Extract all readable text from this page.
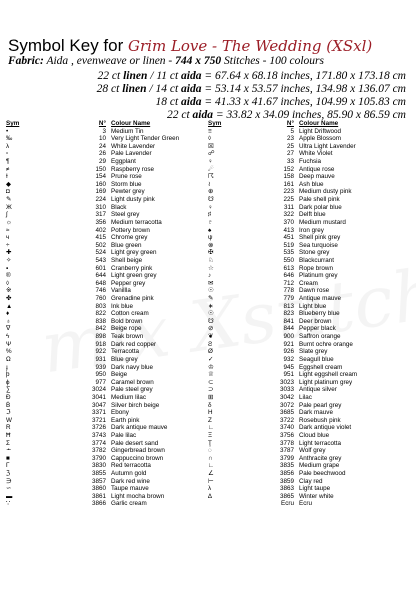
Symbol Key for Grim Love - The Wedding (XSxl)
Fabric: Aida , evenweave or linen - 744 x 750 Stitches - 100 colours
22 ct linen / 11 ct aida = 67.64 x 68.18 inches, 171.80 x 173.18 cm
28 ct linen / 14 ct aida = 53.14 x 53.57 inches, 134.98 x 136.07 cm
18 ct aida = 41.33 x 41.67 inches, 104.99 x 105.83 cm
22 ct aida = 33.82 x 34.09 inches, 85.90 x 86.59 cm
Sym	N° Colour Name
•	3 Medium Tin
‰	10 Very Light Tender Green
λ	24 White Lavender
▫	26 Pale Lavender
¶	29 Eggplant
≠	150 Raspberry rose
Ɨ	154 Prune rose
◆	160 Storm blue
◘	169 Pewter grey
✎	224 Light dusty pink
Ж	310 Black
∫	317 Steel grey
☼	356 Medium terracotta
≈	402 Pottery brown
ч	415 Chrome grey
÷	502 Blue green
✚	524 Light grey green
✧	543 Shell beige
▪	601 Cranberry pink
®	644 Light green grey
◊	648 Pepper grey
※	746 Vanillla
✤	760 Grenadine pink
▲	803 Ink blue
♦	822 Cotton cream
♁	838 Bold brown
∇	842 Beige rope
ϟ	898 Teak brown
Ψ	918 Dark red copper
%	922 Terracotta
Ω	931 Blue grey
ɟ	939 Dark navy blue
þ	950 Beige
ϕ	977 Caramel brown
∑	3024 Pale steel grey
Đ	3041 Medium lilac
Ḃ	3047 Silver birch beige
ℑ	3371 Ebony
W	3721 Earth pink
R	3726 Dark antique mauve
Ħ	3743 Pale lilac
Σ	3774 Pale desert sand
∸	3782 Gingerbread brown
■	3790 Cappuccino brown
Γ	3830 Red terracotta
ℨ	3855 Autumn gold
∋	3857 Dark red wine
∽	3860 Taupe mauve
▬	3861 Light mocha brown
∵	3866 Garlic cream
Sym	N° Colour Name
≡	5 Light Driftwood
◊	23 Apple Blossom
☒	25 Ultra Light Lavender
☍	27 White Violet
♀	33 Fuchsia
☄	152 Antique rose
☈	158 Deep mauve
≀	161 Ash blue
⊕	223 Medium dusty pink
☋	225 Pale shell pink
♀	311 Dark polar blue
♯	322 Delft blue
♇	370 Medium mustard
♠	413 Iron grey
ψ	451 Shell pink grey
⊗	519 Sea turquoise
✠	535 Stone grey
♘	550 Blackcurrant
☆	613 Rope brown
♪	646 Platinum grey
✉	712 Cream
☉	778 Dawn rose
✎	779 Antique mauve
∗	813 Light blue
☉	823 Blueberry blue
☋	841 Deer brown
⊘	844 Pepper black
❦	900 Saffron orange
Ƨ	921 Burnt ochre orange
Ø	926 Slate grey
✓	932 Seagull blue
♔	945 Eggshell cream
♕	951 Light eggshell cream
⊂	3023 Light platinum grey
⊃	3033 Antique silver
⊞	3042 Lilac
δ	3072 Pale pearl grey
H	3685 Dark mauve
Z	3722 Rosebush pink
∟	3740 Dark antique violet
Ξ	3756 Cloud blue
Ţ	3778 Light terracotta
◌	3787 Wolf grey
∩	3799 Anthracite grey
∟	3835 Medium grape
∠	3856 Pale beechwood
⊢	3859 Clay red
λ	3863 Light taupe
∆	3865 Winter white
Ecru Ecru
